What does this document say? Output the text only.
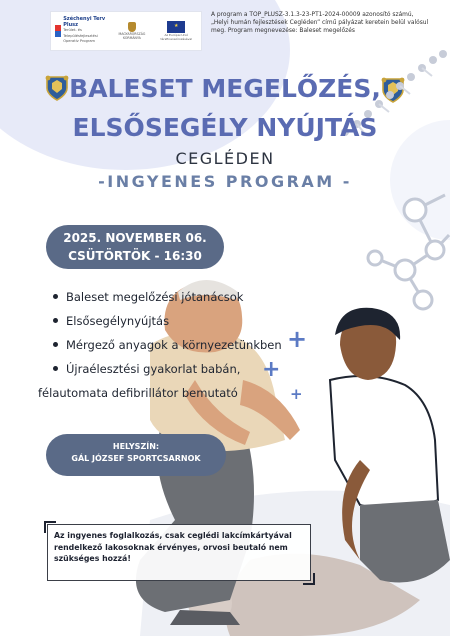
Széchenyi Terv Plusz
Terület- és Településfejlesztési Operatív Program
MAGYARORSZÁG KORMÁNYA
★
Az Európai Unió társfinanszírozásával
A program a TOP_PLUSZ-3.1.3-23-PT1-2024-00009 azonosító számú, „Helyi humán fejlesztések Cegléden” című pályázat keretein belül valósul meg. Program megnevezése: Baleset megelőzés
BALESET MEGELŐZÉS,
ELSŐSEGÉLY NYÚJTÁS
CEGLÉDEN
-INGYENES PROGRAM -
2025. NOVEMBER 06.
CSÜTÖRTÖK - 16:30
+
+
+
Baleset megelőzési jótanácsok
Elsősegélynyújtás
Mérgező anyagok a környezetünkben
Újraélesztési gyakorlat babán,
félautomata defibrillátor bemutató
HELYSZÍN:
GÁL JÓZSEF SPORTCSARNOK
Az ingyenes foglalkozás, csak ceglédi lakcímkártyával rendelkező lakosoknak érvényes, orvosi beutaló nem szükséges hozzá!
